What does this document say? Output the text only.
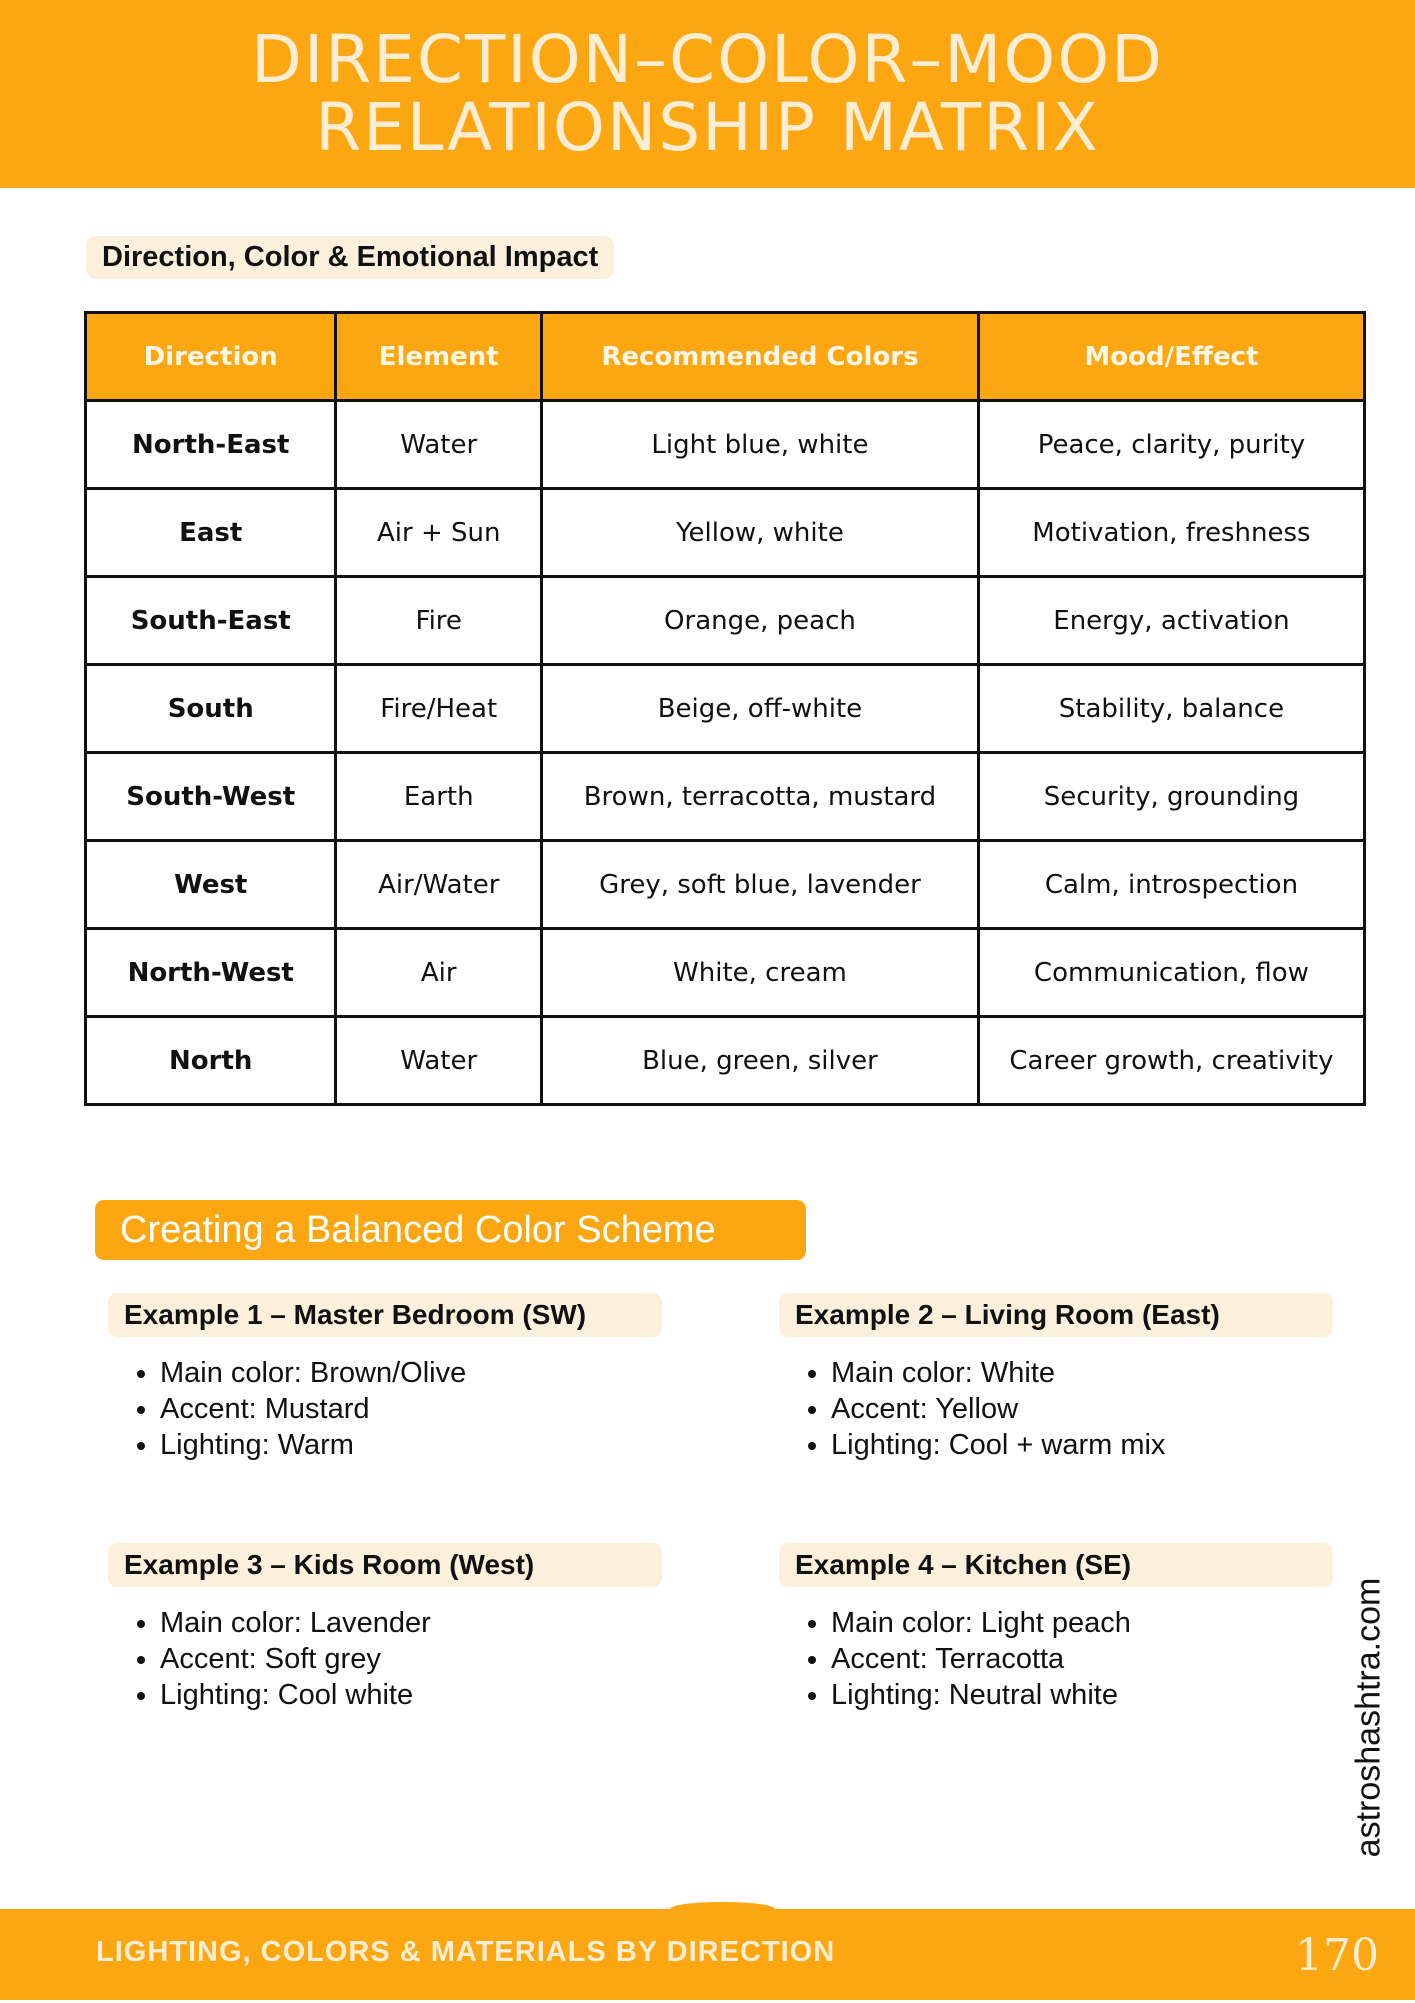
DIRECTION–COLOR–MOOD
RELATIONSHIP MATRIX
Direction, Color & Emotional Impact
Direction	Element	Recommended Colors	Mood/Effect
North-East	Water	Light blue, white	Peace, clarity, purity
East	Air + Sun	Yellow, white	Motivation, freshness
South-East	Fire	Orange, peach	Energy, activation
South	Fire/Heat	Beige, off-white	Stability, balance
South-West	Earth	Brown, terracotta, mustard	Security, grounding
West	Air/Water	Grey, soft blue, lavender	Calm, introspection
North-West	Air	White, cream	Communication, flow
North	Water	Blue, green, silver	Career growth, creativity
Creating a Balanced Color Scheme
Example 1 – Master Bedroom (SW)
• Main color: Brown/Olive
• Accent: Mustard
• Lighting: Warm
Example 2 – Living Room (East)
• Main color: White
• Accent: Yellow
• Lighting: Cool + warm mix
Example 3 – Kids Room (West)
• Main color: Lavender
• Accent: Soft grey
• Lighting: Cool white
Example 4 – Kitchen (SE)
• Main color: Light peach
• Accent: Terracotta
• Lighting: Neutral white	astroshashtra.com
LIGHTING, COLORS & MATERIALS BY DIRECTION	170
